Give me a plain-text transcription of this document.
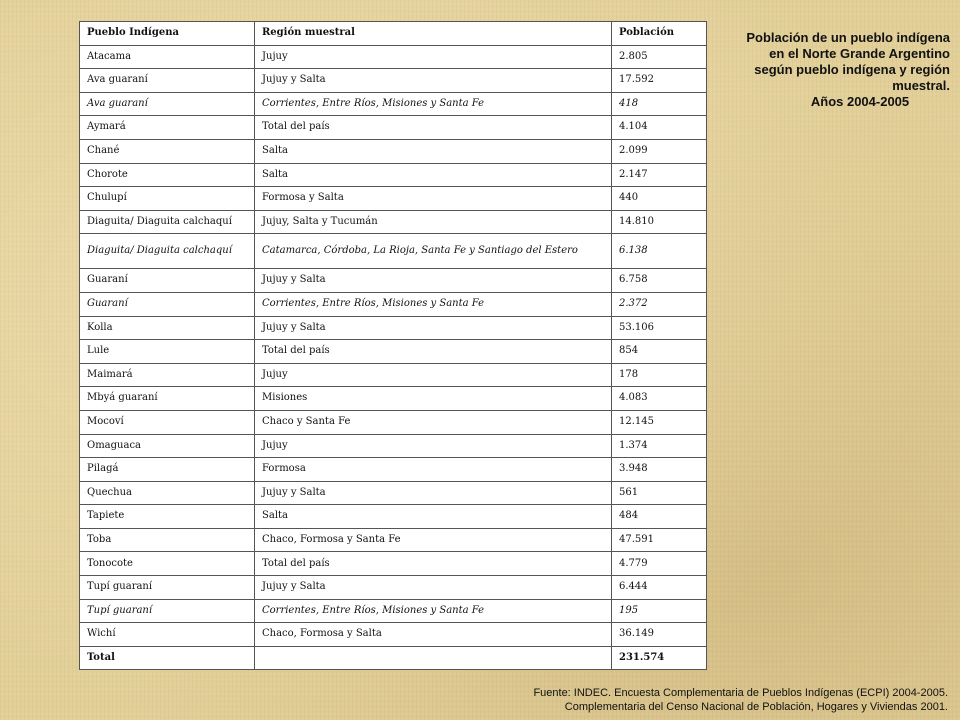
Pueblo Indígena	Región muestral	Población
Atacama	Jujuy	2.805
Ava guaraní	Jujuy y Salta	17.592
Ava guaraní	Corrientes, Entre Ríos, Misiones y Santa Fe	418
Aymará	Total del país	4.104
Chané	Salta	2.099
Chorote	Salta	2.147
Chulupí	Formosa y Salta	440
Diaguita/ Diaguita calchaquí	Jujuy, Salta y Tucumán	14.810
Diaguita/ Diaguita calchaquí	Catamarca, Córdoba, La Rioja, Santa Fe y Santiago del Estero	6.138
Guaraní	Jujuy y Salta	6.758
Guaraní	Corrientes, Entre Ríos, Misiones y Santa Fe	2.372
Kolla	Jujuy y Salta	53.106
Lule	Total del país	854
Maimará	Jujuy	178
Mbyá guaraní	Misiones	4.083
Mocoví	Chaco y Santa Fe	12.145
Omaguaca	Jujuy	1.374
Pilagá	Formosa	3.948
Quechua	Jujuy y Salta	561
Tapiete	Salta	484
Toba	Chaco, Formosa y Santa Fe	47.591
Tonocote	Total del país	4.779
Tupí guaraní	Jujuy y Salta	6.444
Tupí guaraní	Corrientes, Entre Ríos, Misiones y Santa Fe	195
Wichí	Chaco, Formosa y Salta	36.149
Total		231.574
Población de un pueblo indígena
en el Norte Grande Argentino
según pueblo indígena y región
muestral.

Años 2004-2005
Fuente: INDEC. Encuesta Complementaria de Pueblos Indígenas (ECPI) 2004-2005.
Complementaria del Censo Nacional de Población, Hogares y Viviendas 2001.
